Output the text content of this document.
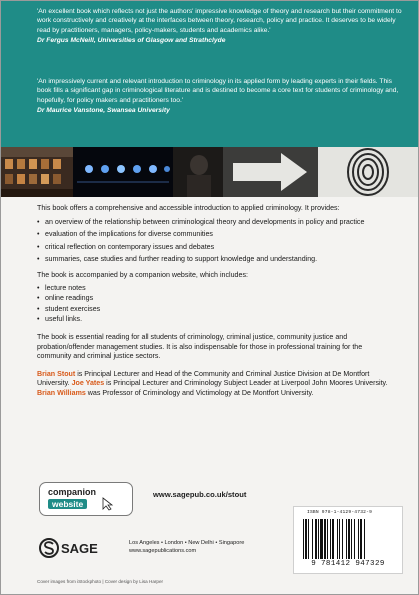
'An excellent book which reflects not just the authors' impressive knowledge of theory and research but their commitment to work constructively and creatively at the interfaces between theory, research, policy and practice. It deserves to be widely read by practitioners, managers, policy-makers, students and academics alike.'

Dr Fergus McNeill, Universities of Glasgow and Strathclyde

'An impressively current and relevant introduction to criminology in its applied form by leading experts in their fields. This book fills a significant gap in criminological literature and is destined to become a core text for students of criminology and, hopefully, for policy makers and practitioners too.'

Dr Maurice Vanstone, Swansea University

This book offers a comprehensive and accessible introduction to applied criminology. It provides:

• an overview of the relationship between criminological theory and developments in policy and practice
• evaluation of the implications for diverse communities
• critical reflection on contemporary issues and debates
• summaries, case studies and further reading to support knowledge and understanding.

The book is accompanied by a companion website, which includes:

• lecture notes
• online readings
• student exercises
• useful links.

The book is essential reading for all students of criminology, criminal justice, community justice and probation/offender management studies. It is also indispensable for those in professional training for the community and criminal justice sectors.

Brian Stout is Principal Lecturer and Head of the Community and Criminal Justice Division at De Montfort University. Joe Yates is Principal Lecturer and Criminology Subject Leader at Liverpool John Moores University. Brian Williams was Professor of Criminology and Victimology at De Montfort University.

companion
website
www.sagepub.co.uk/stout
SAGE	Los Angeles • London • New Delhi • Singapore
www.sagepublications.com
ISBN 978-1-4129-4732-9
9 781412 947329
Cover images from iStockphoto | Cover design by Lisa Harper
